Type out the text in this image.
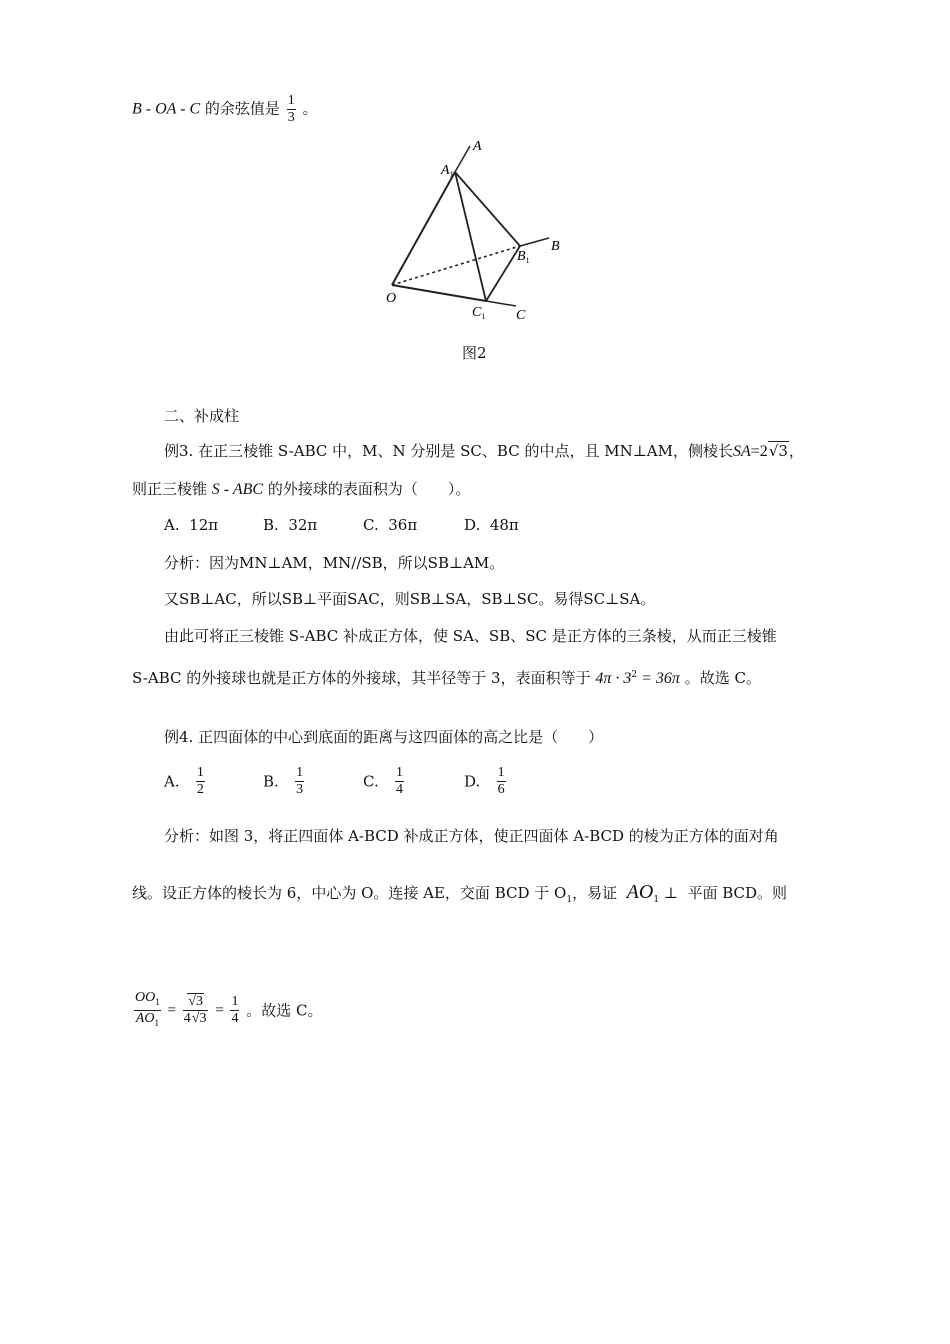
B - OA - C 的余弦值是 $\frac{1}{3}$ 。
A
$A_1$
B
$B_1$
O
$C_1$ C
图2
二、补成柱
例3. 在正三棱锥 S-ABC 中，M、N 分别是 SC、BC 的中点，且 MN⊥AM，侧棱长SA=2√3，
则正三棱锥 S - ABC 的外接球的表面积为（　　）。
A. 12π	B. 32π	C. 36π	D. 48π
分析：因为MN⊥AM，MN//SB，所以SB⊥AM。
又SB⊥AC，所以SB⊥平面SAC，则SB⊥SA，SB⊥SC。易得SC⊥SA。
由此可将正三棱锥 S-ABC 补成正方体，使 SA、SB、SC 是正方体的三条棱，从而正三棱锥
S-ABC 的外接球也就是正方体的外接球，其半径等于 3，表面积等于 $4\pi \cdot 3^2 = 36\pi$ 。故选 C。
例4. 正四面体的中心到底面的距离与这四面体的高之比是（　　）
A. $\frac{1}{2}$	B. $\frac{1}{3}$	C. $\frac{1}{4}$	D. $\frac{1}{6}$
分析：如图 3，将正四面体 A-BCD 补成正方体，使正四面体 A-BCD 的棱为正方体的面对角
线。设正方体的棱长为 6，中心为 O。连接 AE，交面 BCD 于 $O_1$，易证 $AO_1$ ⊥ 平面 BCD。则
$\frac{OO_1}{AO_1} = \frac{√3}{4√3} = \frac{1}{4}$ 。故选 C。
